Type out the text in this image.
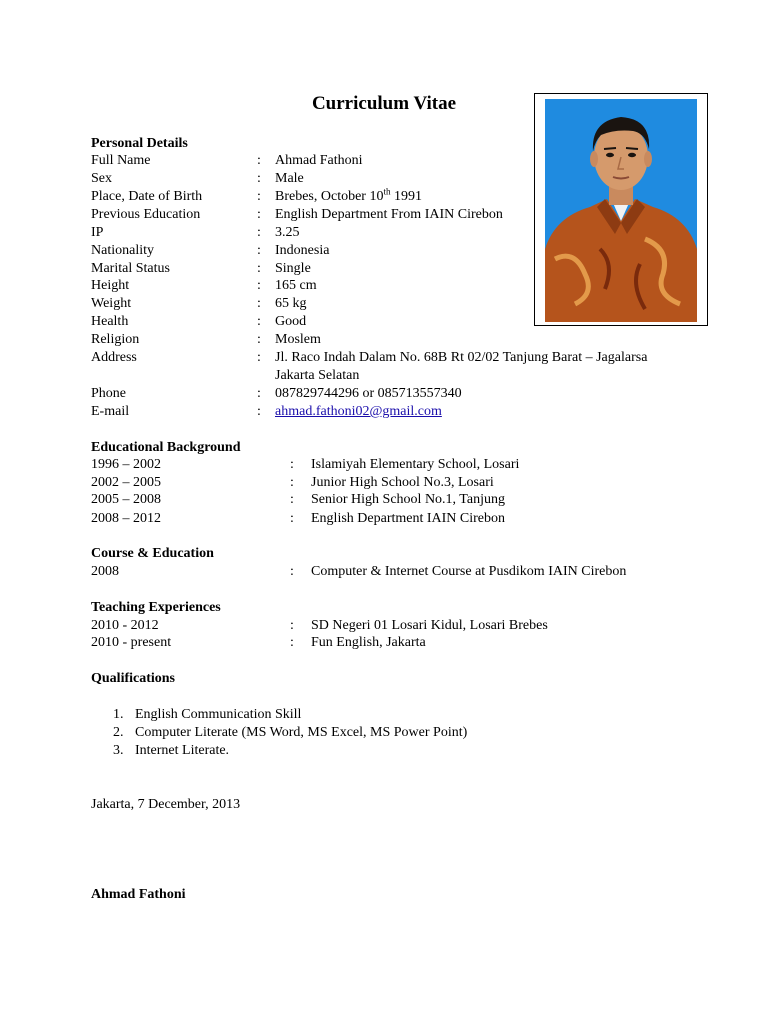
Curriculum Vitae
Personal Details
Full Name	: Ahmad Fathoni
Sex	: Male
Place, Date of Birth	: Brebes, October 10th 1991
Previous Education	: English Department From IAIN Cirebon
IP	: 3.25
Nationality	: Indonesia
Marital Status	: Single
Height	: 165 cm
Weight	: 65 kg
Health	: Good
Religion	: Moslem
Address	: Jl. Raco Indah Dalam No. 68B Rt 02/02 Tanjung Barat – Jagalarsa
Jakarta Selatan
Phone	: 087829744296 or 085713557340
E-mail	: ahmad.fathoni02@gmail.com
Educational Background
1996 – 2002	: Islamiyah Elementary School, Losari
2002 – 2005	: Junior High School No.3, Losari
2005 – 2008	: Senior High School No.1, Tanjung
2008 – 2012	: English Department IAIN Cirebon
Course & Education
2008	: Computer & Internet Course at Pusdikom IAIN Cirebon
Teaching Experiences
2010 - 2012	: SD Negeri 01 Losari Kidul, Losari Brebes
2010 - present	: Fun English, Jakarta
Qualifications
1. English Communication Skill
2. Computer Literate (MS Word, MS Excel, MS Power Point)
3. Internet Literate.
Jakarta, 7 December, 2013
Ahmad Fathoni
